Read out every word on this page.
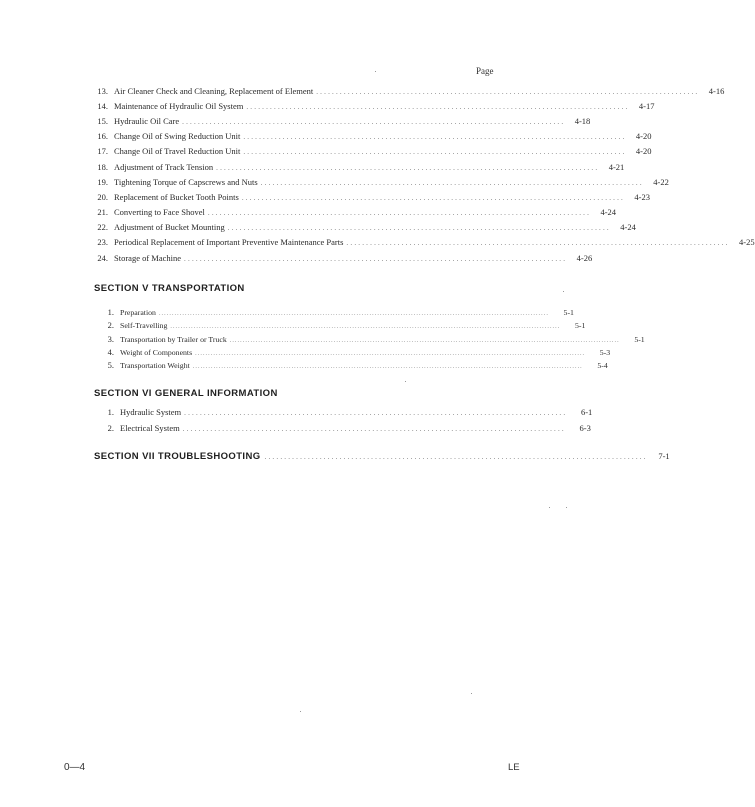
Page
13. Air Cleaner Check and Cleaning, Replacement of Element .................................................................................................	4-16
14. Maintenance of Hydraulic Oil System .................................................................................................	4-17
15. Hydraulic Oil Care .................................................................................................	4-18
16. Change Oil of Swing Reduction Unit .................................................................................................	4-20
17. Change Oil of Travel Reduction Unit .................................................................................................	4-20
18. Adjustment of Track Tension .................................................................................................	4-21
19. Tightening Torque of Capscrews and Nuts .................................................................................................	4-22
20. Replacement of Bucket Tooth Points .................................................................................................	4-23
21. Converting to Face Shovel .................................................................................................	4-24
22. Adjustment of Bucket Mounting .................................................................................................	4-24
23. Periodical Replacement of Important Preventive Maintenance Parts .................................................................................................	4-25
24. Storage of Machine .................................................................................................	4-26
SECTION V TRANSPORTATION
1. Preparation ......................................................................................................................................................	5-1
2. Self-Travelling ......................................................................................................................................................	5-1
3. Transportation by Trailer or Truck ......................................................................................................................................................	5-1
4. Weight of Components ......................................................................................................................................................	5-3
5. Transportation Weight ......................................................................................................................................................	5-4
SECTION VI GENERAL INFORMATION
1. Hydraulic System .................................................................................................	6-1
2. Electrical System .................................................................................................	6-3
SECTION VII TROUBLESHOOTING .................................................................................................	7-1
0—4	LE
